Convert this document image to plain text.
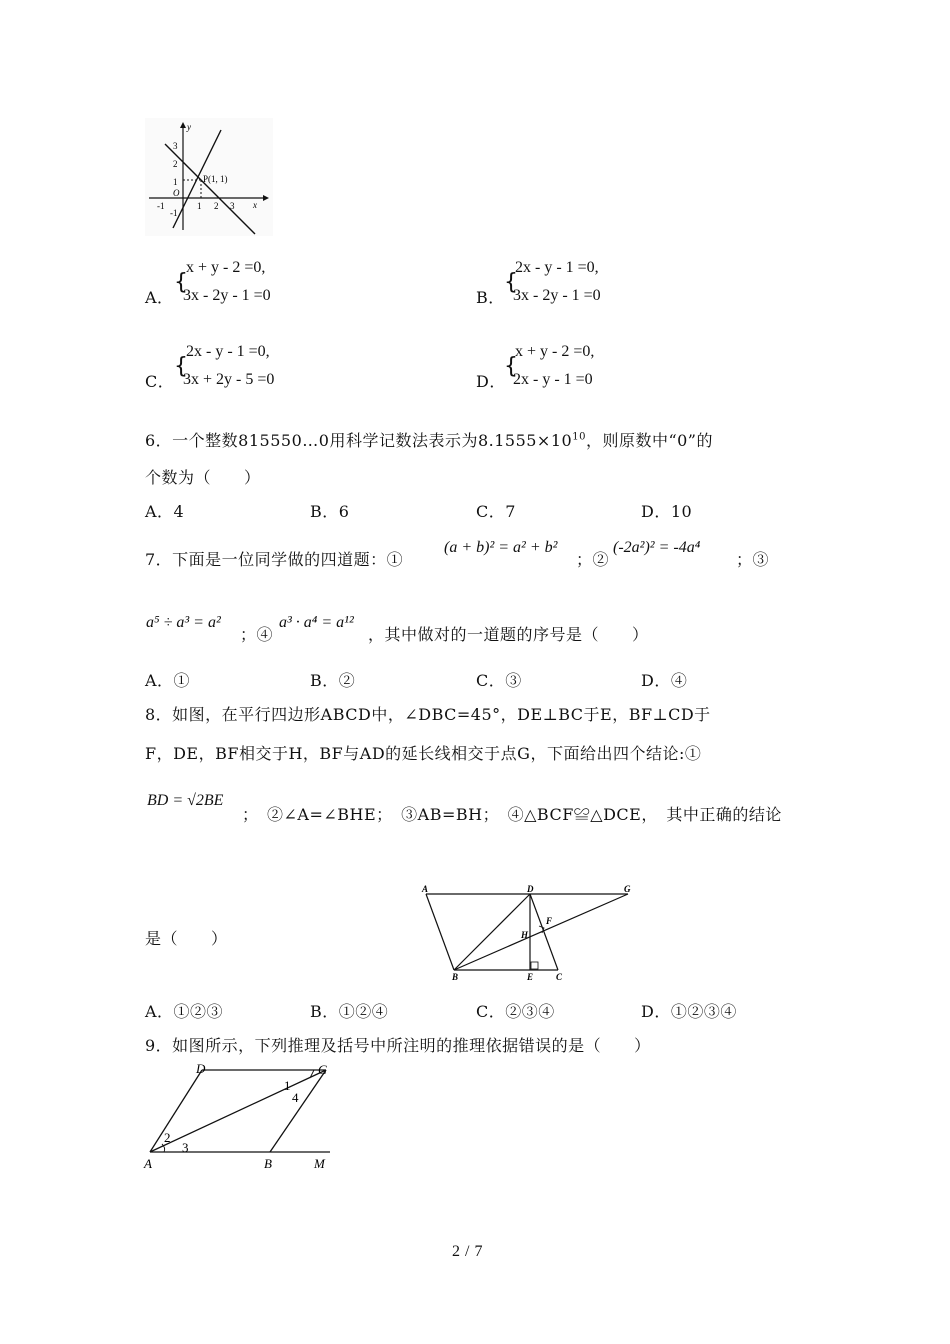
y
x
3
2
1
O
-1
-1	1 2 3
P(1, 1)
A．
{
x + y - 2 =0,
3x - 2y - 1 =0	B．
{
2x - y - 1 =0,
3x - 2y - 1 =0
C．
{
2x - y - 1 =0,
3x + 2y - 5 =0	D．
{
x + y - 2 =0,
2x - y - 1 =0
6．一个整数815550…0用科学记数法表示为$8.1555\times 10^{10}$，则原数中“0”的
个数为（　　）
A．4	B．6	C．7	D．10
7．下面是一位同学做的四道题：①
(a + b)² = a² + b²
；②
(-2a²)² = -4a⁴
；③
a⁵ ÷ a³ = a²
；④
a³ · a⁴ = a¹²
，其中做对的一道题的序号是（　　）
A．①	B．②	C．③	D．④
8．如图，在平行四边形ABCD中，∠DBC=45°，DE⊥BC于E，BF⊥CD于
F，DE，BF相交于H，BF与AD的延长线相交于点G，下面给出四个结论:①
BD = √2BE
；　②∠A=∠BHE；　③AB=BH；　④△BCF≌△DCE，　其中正确的结论
A	D	G
F
H
B	E	C
是（　　）
A．①②③	B．①②④	C．②③④	D．①②③④
9．如图所示，下列推理及括号中所注明的推理依据错误的是（　　）
D	C
A	B	M
1
2
3
4
2 / 7
